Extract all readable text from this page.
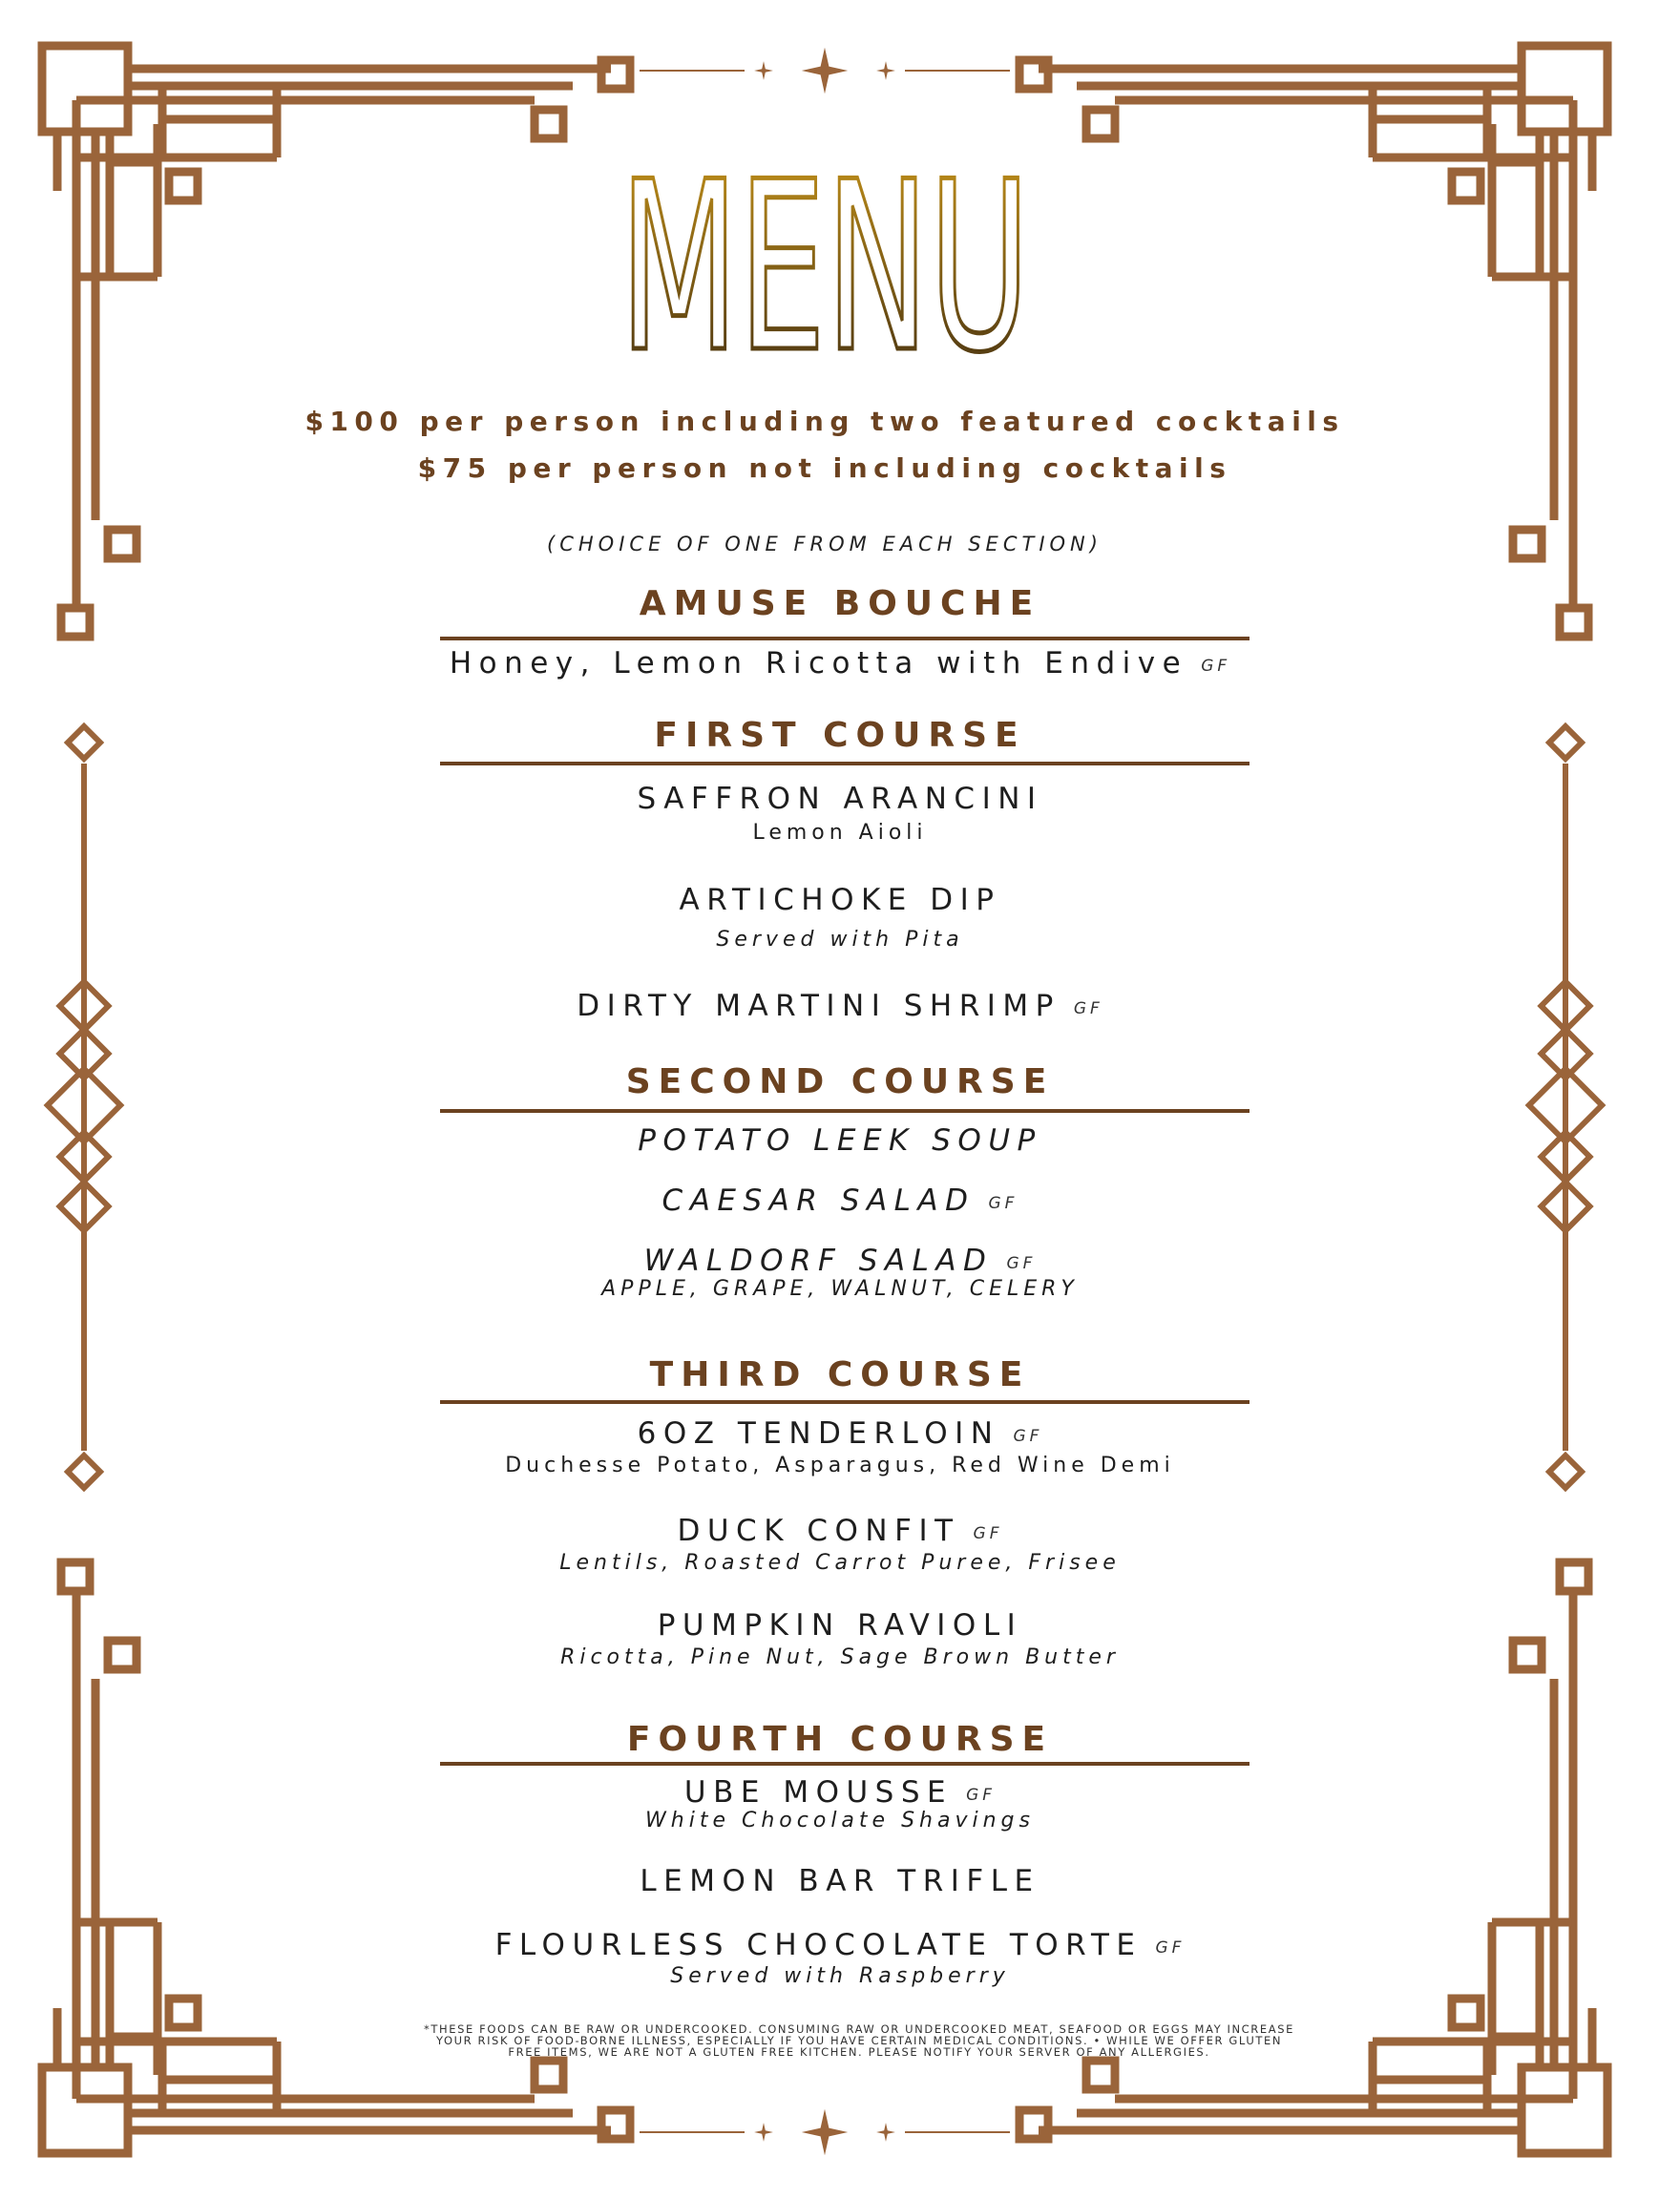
MENU
$100 per person including two featured cocktails
$75 per person not including cocktails
(CHOICE OF ONE FROM EACH SECTION)
AMUSE BOUCHE
Honey, Lemon Ricotta with Endive GF
FIRST COURSE
SAFFRON ARANCINI
Lemon Aioli
ARTICHOKE DIP
Served with Pita
DIRTY MARTINI SHRIMP GF
SECOND COURSE
POTATO LEEK SOUP
CAESAR SALAD GF
WALDORF SALAD GF
APPLE, GRAPE, WALNUT, CELERY
THIRD COURSE
6OZ TENDERLOIN GF
Duchesse Potato, Asparagus, Red Wine Demi
DUCK CONFIT GF
Lentils, Roasted Carrot Puree, Frisee
PUMPKIN RAVIOLI
Ricotta, Pine Nut, Sage Brown Butter
FOURTH COURSE
UBE MOUSSE GF
White Chocolate Shavings
LEMON BAR TRIFLE
FLOURLESS CHOCOLATE TORTE GF
Served with Raspberry
*THESE FOODS CAN BE RAW OR UNDERCOOKED. CONSUMING RAW OR UNDERCOOKED MEAT, SEAFOOD OR EGGS MAY INCREASE YOUR RISK OF FOOD-BORNE ILLNESS, ESPECIALLY IF YOU HAVE CERTAIN MEDICAL CONDITIONS. • WHILE WE OFFER GLUTEN FREE ITEMS, WE ARE NOT A GLUTEN FREE KITCHEN. PLEASE NOTIFY YOUR SERVER OF ANY ALLERGIES.
